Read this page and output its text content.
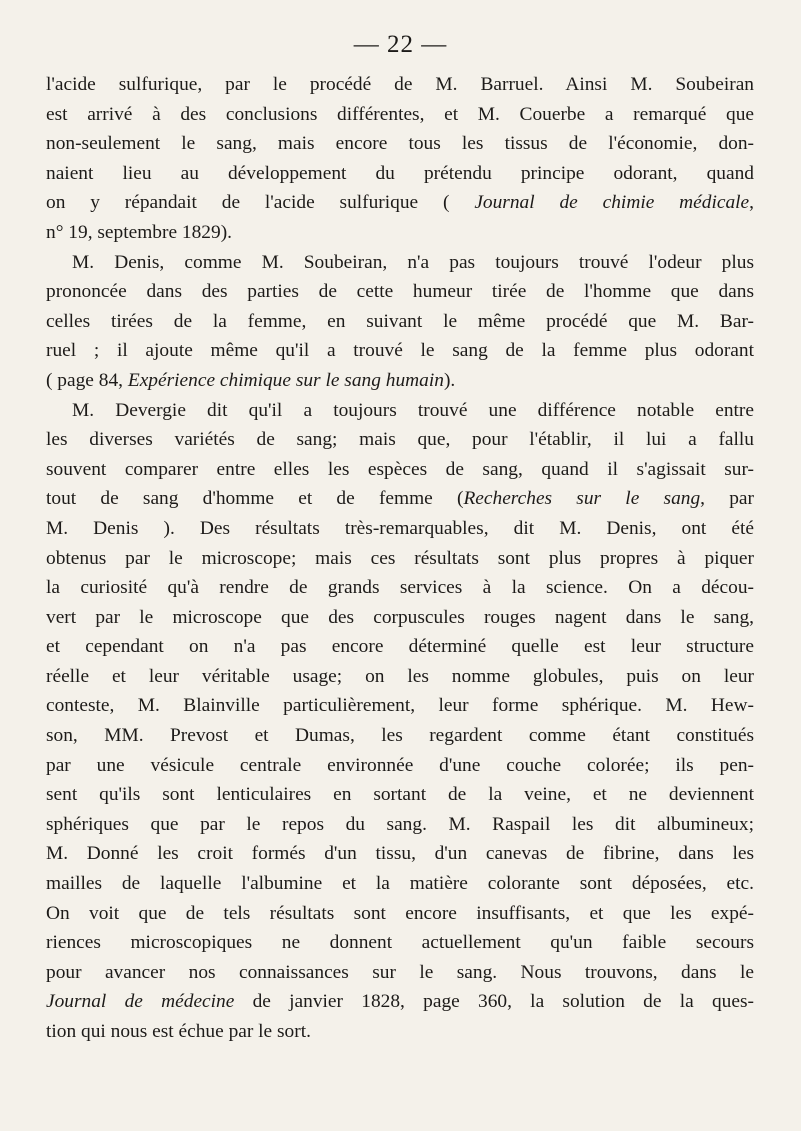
— 22 —
l'acide sulfurique, par le procédé de M. Barruel. Ainsi M. Soubeiran
est arrivé à des conclusions différentes, et M. Couerbe a remarqué que
non-seulement le sang, mais encore tous les tissus de l'économie, don-
naient lieu au développement du prétendu principe odorant, quand
on y répandait de l'acide sulfurique ( Journal de chimie médicale,
n° 19, septembre 1829).
M. Denis, comme M. Soubeiran, n'a pas toujours trouvé l'odeur plus
prononcée dans des parties de cette humeur tirée de l'homme que dans
celles tirées de la femme, en suivant le même procédé que M. Bar-
ruel ; il ajoute même qu'il a trouvé le sang de la femme plus odorant
( page 84, Expérience chimique sur le sang humain).
M. Devergie dit qu'il a toujours trouvé une différence notable entre
les diverses variétés de sang; mais que, pour l'établir, il lui a fallu
souvent comparer entre elles les espèces de sang, quand il s'agissait sur-
tout de sang d'homme et de femme (Recherches sur le sang, par
M. Denis ). Des résultats très-remarquables, dit M. Denis, ont été
obtenus par le microscope; mais ces résultats sont plus propres à piquer
la curiosité qu'à rendre de grands services à la science. On a décou-
vert par le microscope que des corpuscules rouges nagent dans le sang,
et cependant on n'a pas encore déterminé quelle est leur structure
réelle et leur véritable usage; on les nomme globules, puis on leur
conteste, M. Blainville particulièrement, leur forme sphérique. M. Hew-
son, MM. Prevost et Dumas, les regardent comme étant constitués
par une vésicule centrale environnée d'une couche colorée; ils pen-
sent qu'ils sont lenticulaires en sortant de la veine, et ne deviennent
sphériques que par le repos du sang. M. Raspail les dit albumineux;
M. Donné les croit formés d'un tissu, d'un canevas de fibrine, dans les
mailles de laquelle l'albumine et la matière colorante sont déposées, etc.
On voit que de tels résultats sont encore insuffisants, et que les expé-
riences microscopiques ne donnent actuellement qu'un faible secours
pour avancer nos connaissances sur le sang. Nous trouvons, dans le
Journal de médecine de janvier 1828, page 360, la solution de la ques-
tion qui nous est échue par le sort.
